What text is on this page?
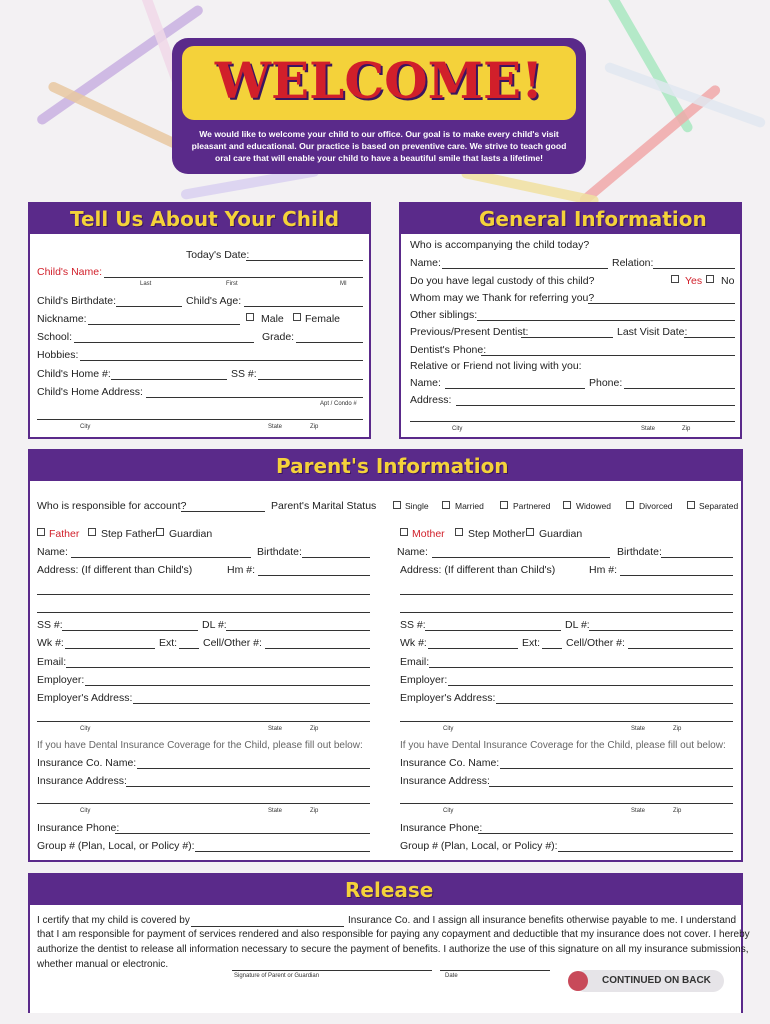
WELCOME!
We would like to welcome your child to our office. Our goal is to make every child's visit
pleasant and educational. Our practice is based on preventive care. We strive to teach good
oral care that will enable your child to have a beautiful smile that lasts a lifetime!
Tell Us About Your Child
Today's Date:
Child's Name:
Last	First	MI
Child's Birthdate:	Child's Age:
Nickname:	Male Female
School:	Grade:
Hobbies:
Child's Home #:	SS #:
Child's Home Address:
Apt / Condo #
City	State	Zip
General Information
Who is accompanying the child today?
Name:	Relation:
Do you have legal custody of this child?	Yes No
Whom may we Thank for referring you?
Other siblings:
Previous/Present Dentist:	Last Visit Date:
Dentist's Phone:
Relative or Friend not living with you:
Name:	Phone:
Address:
City	State	Zip
Parent's Information
Who is responsible for account?	Parent's Marital Status	Single	Married	Partnered	Widowed	Divorced	Separated
Father Step Father Guardian
Name:	Birthdate:
Address: (If different than Child's)	Hm #:
SS #:	DL #:
Wk #:	Ext: Cell/Other #:
Email:
Employer:
Employer's Address:
City	State	Zip
If you have Dental Insurance Coverage for the Child, please fill out below:
Insurance Co. Name:
Insurance Address:
City	State	Zip
Insurance Phone:
Group # (Plan, Local, or Policy #):
Mother Step Mother Guardian
Name:	Birthdate:
Address: (If different than Child's)	Hm #:
SS #:	DL #:
Wk #:	Ext: Cell/Other #:
Email:
Employer:
Employer's Address:
City	State	Zip
If you have Dental Insurance Coverage for the Child, please fill out below:
Insurance Co. Name:
Insurance Address:
City	State	Zip
Insurance Phone:
Group # (Plan, Local, or Policy #):
Release
I certify that my child is covered by	Insurance Co. and I assign all insurance benefits otherwise payable to me. I understand
that I am responsible for payment of services rendered and also responsible for paying any copayment and deductible that my insurance does not cover. I hereby
authorize the dentist to release all information necessary to secure the payment of benefits. I authorize the use of this signature on all my insurance submissions,
whether manual or electronic.
Signature of Parent or Guardian	Date	CONTINUED ON BACK
